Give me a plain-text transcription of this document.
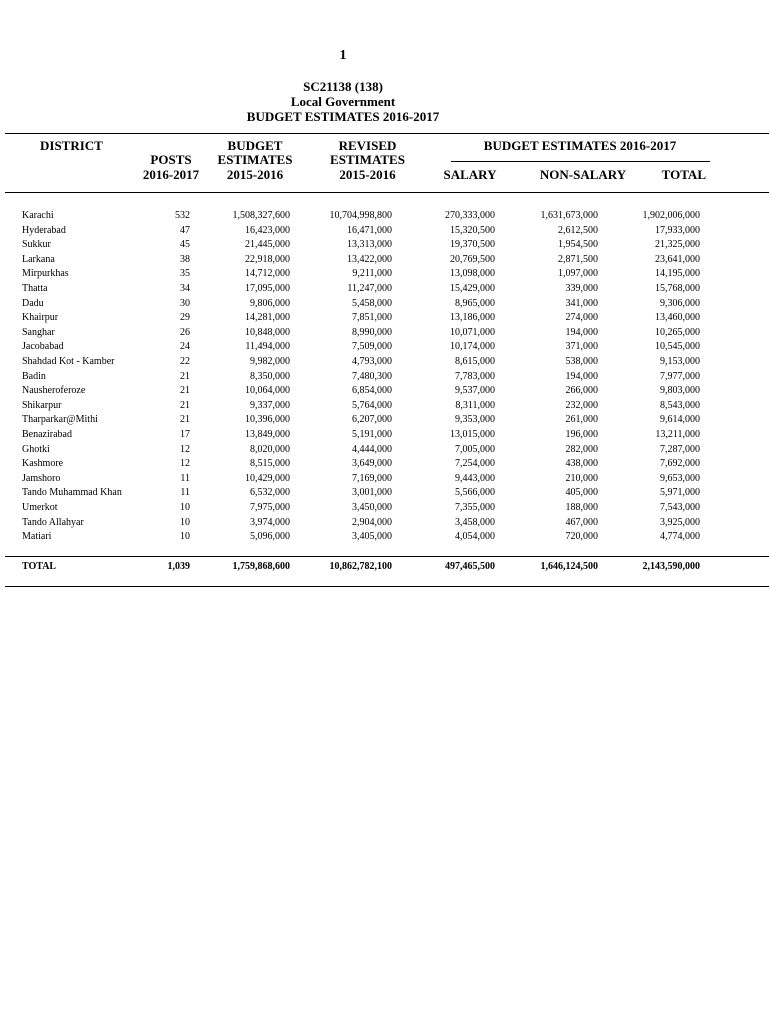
1
SC21138 (138)
Local Government
BUDGET ESTIMATES 2016-2017
DISTRICT
POSTS
2016-2017
BUDGET
ESTIMATES
2015-2016
REVISED
ESTIMATES
2015-2016
BUDGET ESTIMATES 2016-2017
SALARY	NON-SALARY	TOTAL
Karachi	532	1,508,327,600	10,704,998,800	270,333,000	1,631,673,000	1,902,006,000
Hyderabad	47	16,423,000	16,471,000	15,320,500	2,612,500	17,933,000
Sukkur	45	21,445,000	13,313,000	19,370,500	1,954,500	21,325,000
Larkana	38	22,918,000	13,422,000	20,769,500	2,871,500	23,641,000
Mirpurkhas	35	14,712,000	9,211,000	13,098,000	1,097,000	14,195,000
Thatta	34	17,095,000	11,247,000	15,429,000	339,000	15,768,000
Dadu	30	9,806,000	5,458,000	8,965,000	341,000	9,306,000
Khairpur	29	14,281,000	7,851,000	13,186,000	274,000	13,460,000
Sanghar	26	10,848,000	8,990,000	10,071,000	194,000	10,265,000
Jacobabad	24	11,494,000	7,509,000	10,174,000	371,000	10,545,000
Shahdad Kot - Kamber	22	9,982,000	4,793,000	8,615,000	538,000	9,153,000
Badin	21	8,350,000	7,480,300	7,783,000	194,000	7,977,000
Nausheroferoze	21	10,064,000	6,854,000	9,537,000	266,000	9,803,000
Shikarpur	21	9,337,000	5,764,000	8,311,000	232,000	8,543,000
Tharparkar@Mithi	21	10,396,000	6,207,000	9,353,000	261,000	9,614,000
Benazirabad	17	13,849,000	5,191,000	13,015,000	196,000	13,211,000
Ghotki	12	8,020,000	4,444,000	7,005,000	282,000	7,287,000
Kashmore	12	8,515,000	3,649,000	7,254,000	438,000	7,692,000
Jamshoro	11	10,429,000	7,169,000	9,443,000	210,000	9,653,000
Tando Muhammad Khan	11	6,532,000	3,001,000	5,566,000	405,000	5,971,000
Umerkot	10	7,975,000	3,450,000	7,355,000	188,000	7,543,000
Tando Allahyar	10	3,974,000	2,904,000	3,458,000	467,000	3,925,000
Matiari	10	5,096,000	3,405,000	4,054,000	720,000	4,774,000
TOTAL	1,039	1,759,868,600	10,862,782,100	497,465,500	1,646,124,500	2,143,590,000
